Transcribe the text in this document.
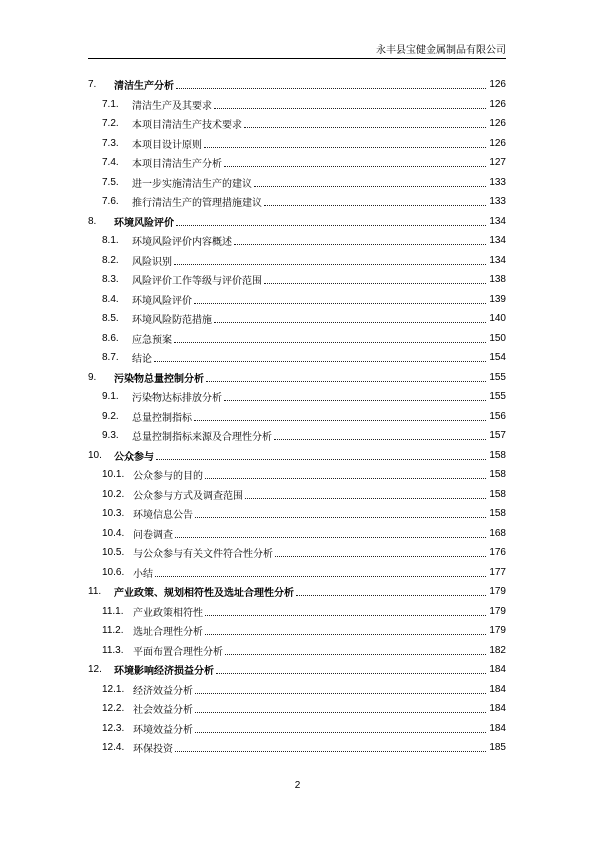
永丰县宝健金属制品有限公司
7.	清洁生产分析	126
7.1.	清洁生产及其要求	126
7.2.	本项目清洁生产技术要求	126
7.3.	本项目设计原则	126
7.4.	本项目清洁生产分析	127
7.5.	进一步实施清洁生产的建议	133
7.6.	推行清洁生产的管理措施建议	133
8.	环境风险评价	134
8.1.	环境风险评价内容概述	134
8.2.	风险识别	134
8.3.	风险评价工作等级与评价范围	138
8.4.	环境风险评价	139
8.5.	环境风险防范措施	140
8.6.	应急预案	150
8.7.	结论	154
9.	污染物总量控制分析	155
9.1.	污染物达标排放分析	155
9.2.	总量控制指标	156
9.3.	总量控制指标来源及合理性分析	157
10.	公众参与	158
10.1. 公众参与的目的	158
10.2. 公众参与方式及调查范围	158
10.3. 环境信息公告	158
10.4. 问卷调查	168
10.5. 与公众参与有关文件符合性分析	176
10.6. 小结	177
11.	产业政策、规划相符性及选址合理性分析	179
11.1. 产业政策相符性	179
11.2. 选址合理性分析	179
11.3. 平面布置合理性分析	182
12.	环境影响经济损益分析	184
12.1. 经济效益分析	184
12.2. 社会效益分析	184
12.3. 环境效益分析	184
12.4. 环保投资	185
2
